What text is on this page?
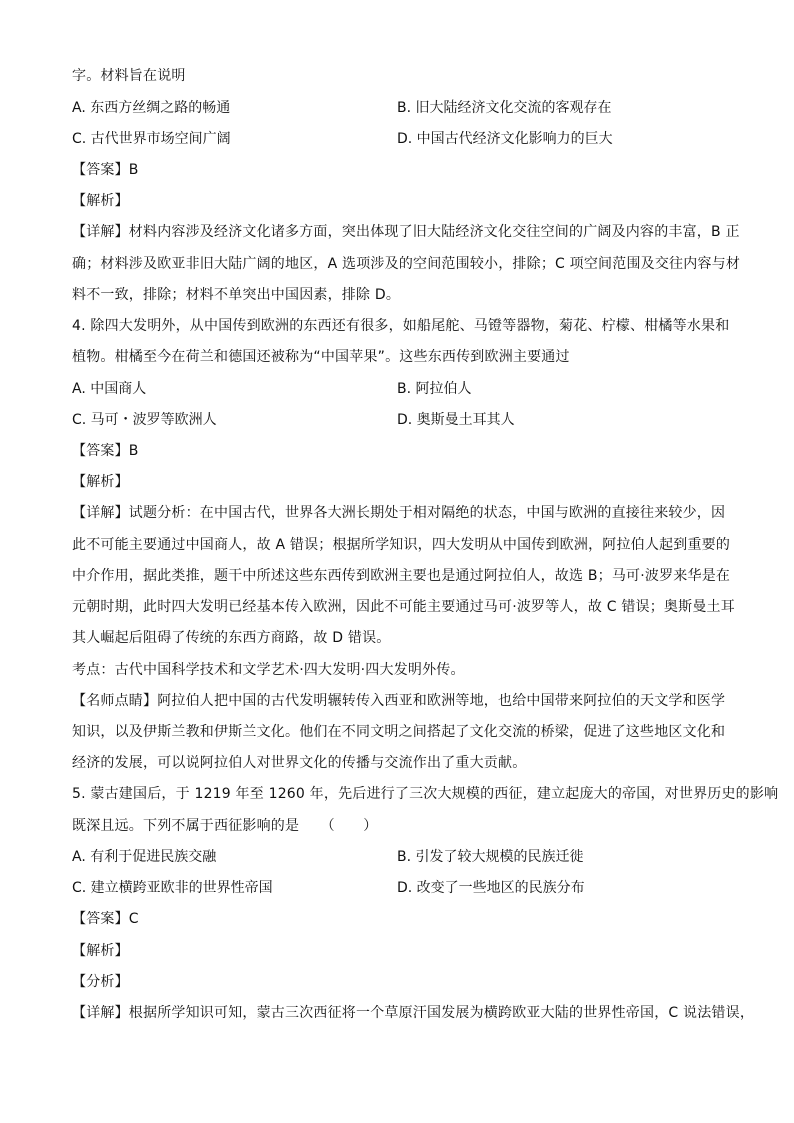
字。材料旨在说明
A. 东西方丝绸之路的畅通	B. 旧大陆经济文化交流的客观存在
C. 古代世界市场空间广阔	D. 中国古代经济文化影响力的巨大
【答案】B
【解析】
【详解】材料内容涉及经济文化诸多方面，突出体现了旧大陆经济文化交往空间的广阔及内容的丰富，B 正
确；材料涉及欧亚非旧大陆广阔的地区，A 选项涉及的空间范围较小，排除；C 项空间范围及交往内容与材
料不一致，排除；材料不单突出中国因素，排除 D。
4. 除四大发明外，从中国传到欧洲的东西还有很多，如船尾舵、马镫等器物，菊花、柠檬、柑橘等水果和
植物。柑橘至今在荷兰和德国还被称为“中国苹果”。这些东西传到欧洲主要通过
A. 中国商人	B. 阿拉伯人
C. 马可・波罗等欧洲人	D. 奥斯曼土耳其人
【答案】B
【解析】
【详解】试题分析：在中国古代，世界各大洲长期处于相对隔绝的状态，中国与欧洲的直接往来较少，因
此不可能主要通过中国商人，故 A 错误；根据所学知识，四大发明从中国传到欧洲，阿拉伯人起到重要的
中介作用，据此类推，题干中所述这些东西传到欧洲主要也是通过阿拉伯人，故选 B；马可·波罗来华是在
元朝时期，此时四大发明已经基本传入欧洲，因此不可能主要通过马可·波罗等人，故 C 错误；奥斯曼土耳
其人崛起后阻碍了传统的东西方商路，故 D 错误。
考点：古代中国科学技术和文学艺术·四大发明·四大发明外传。
【名师点睛】阿拉伯人把中国的古代发明辗转传入西亚和欧洲等地，也给中国带来阿拉伯的天文学和医学
知识，以及伊斯兰教和伊斯兰文化。他们在不同文明之间搭起了文化交流的桥梁，促进了这些地区文化和
经济的发展，可以说阿拉伯人对世界文化的传播与交流作出了重大贡献。
5. 蒙古建国后，于 1219 年至 1260 年，先后进行了三次大规模的西征，建立起庞大的帝国，对世界历史的影响
既深且远。下列不属于西征影响的是　　（　　）
A. 有利于促进民族交融	B. 引发了较大规模的民族迁徙
C. 建立横跨亚欧非的世界性帝国	D. 改变了一些地区的民族分布
【答案】C
【解析】
【分析】
【详解】根据所学知识可知，蒙古三次西征将一个草原汗国发展为横跨欧亚大陆的世界性帝国，C 说法错误，
